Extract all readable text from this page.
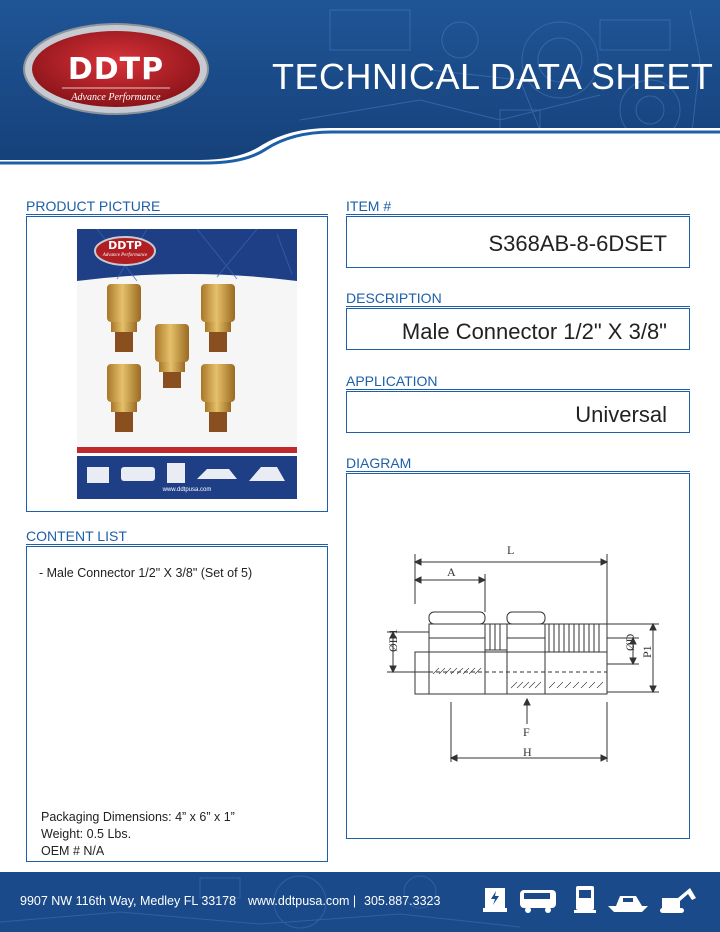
DDTP
Advance Performance
TECHNICAL DATA SHEET
PRODUCT PICTURE
DDTP
Advance Performance
www.ddtpusa.com
ITEM #
S368AB-8-6DSET
DESCRIPTION
Male Connector 1/2" X 3/8"
APPLICATION
Universal
DIAGRAM
L
A
ØD1	ØD
P1
F
H
CONTENT LIST
- Male Connector 1/2" X 3/8" (Set of 5)
Packaging Dimensions: 4” x 6” x 1”
Weight: 0.5 Lbs.
OEM # N/A
9907 NW 116th Way, Medley FL 33178 www.ddtpusa.com | 305.887.3323
